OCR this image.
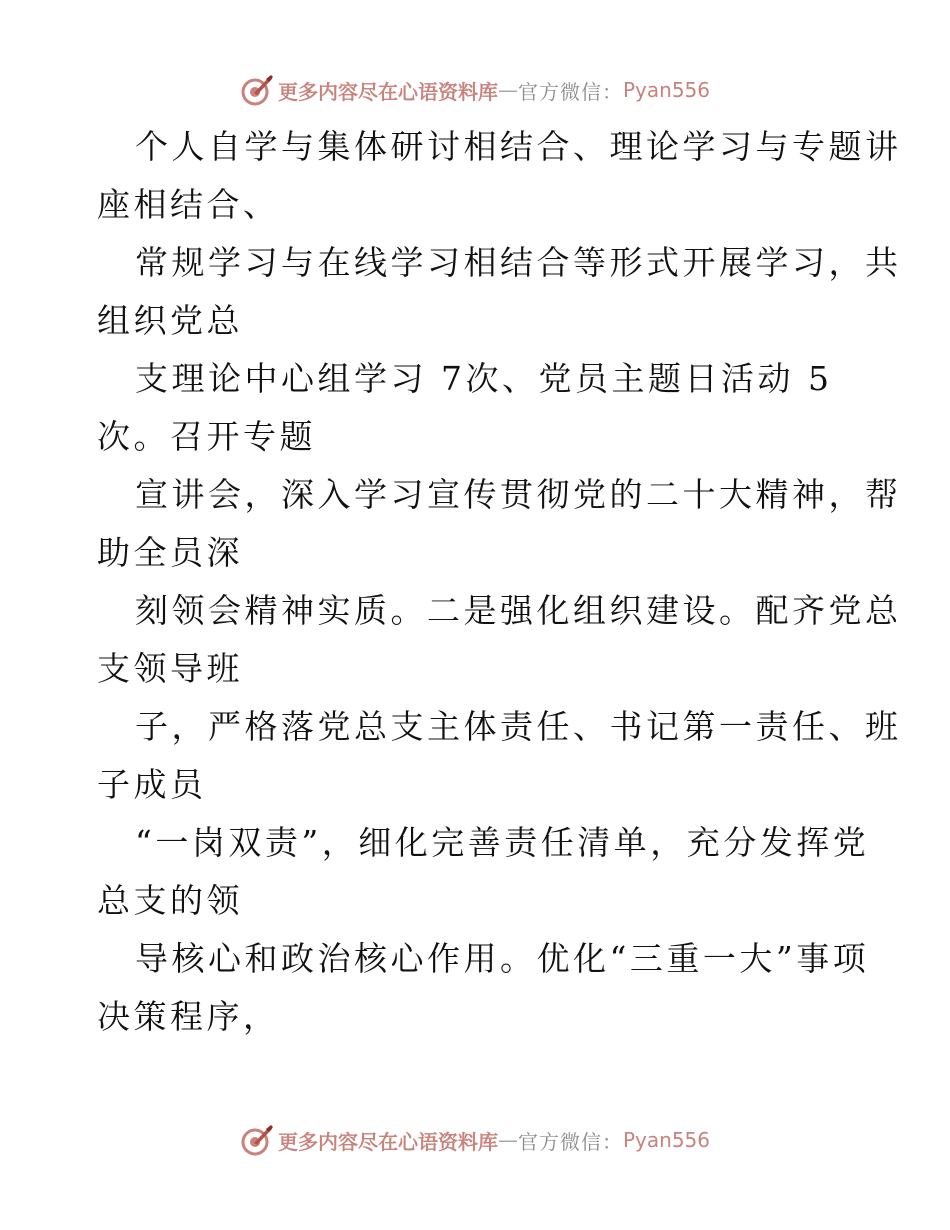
更多内容尽在心语资料库 — 官方微信： Pyan556
个人自学与集体研讨相结合、理论学习与专题讲
座相结合、
常规学习与在线学习相结合等形式开展学习，共
组织党总
支理论中心组学习 7次、党员主题日活动 5
次。召开专题
宣讲会，深入学习宣传贯彻党的二十大精神，帮
助全员深
刻领会精神实质。二是强化组织建设。配齐党总
支领导班
子，严格落党总支主体责任、书记第一责任、班
子成员
“一岗双责”，细化完善责任清单，充分发挥党
总支的领
导核心和政治核心作用。优化“三重一大”事项
决策程序，
更多内容尽在心语资料库 — 官方微信： Pyan556
